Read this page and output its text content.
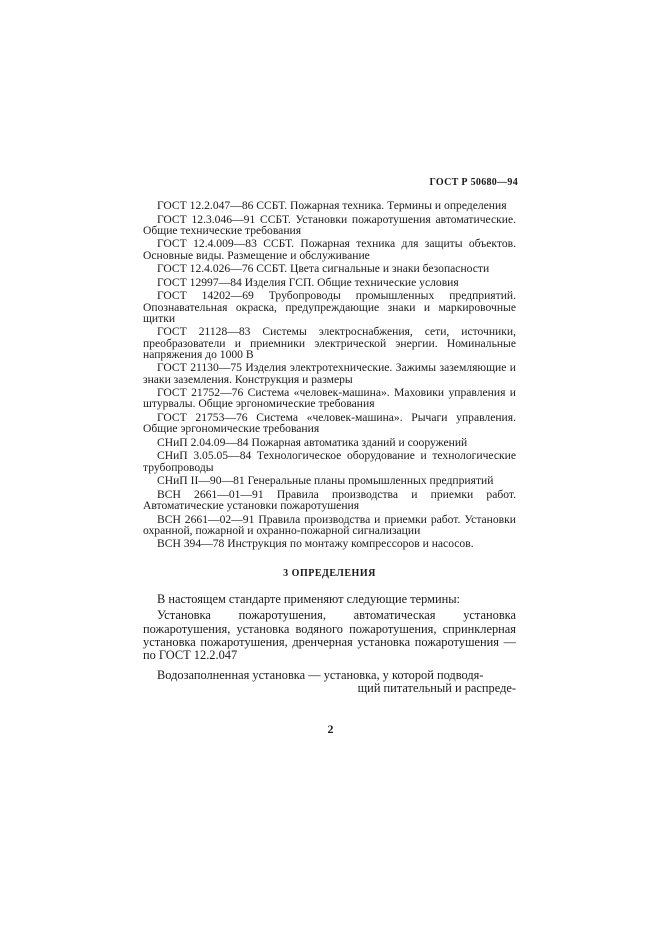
ГОСТ Р 50680—94

ГОСТ 12.2.047—86 ССБТ. Пожарная техника. Термины и определения

ГОСТ 12.3.046—91 ССБТ. Установки пожаротушения автоматические. Общие технические требования

ГОСТ 12.4.009—83 ССБТ. Пожарная техника для защиты объектов. Основные виды. Размещение и обслуживание

ГОСТ 12.4.026—76 ССБТ. Цвета сигнальные и знаки безопасности

ГОСТ 12997—84 Изделия ГСП. Общие технические условия

ГОСТ 14202—69 Трубопроводы промышленных предприятий. Опознавательная окраска, предупреждающие знаки и маркировочные щитки

ГОСТ 21128—83 Системы электроснабжения, сети, источники, преобразователи и приемники электрической энергии. Номинальные напряжения до 1000 В

ГОСТ 21130—75 Изделия электротехнические. Зажимы заземляющие и знаки заземления. Конструкция и размеры

ГОСТ 21752—76 Система «человек-машина». Маховики управления и штурвалы. Общие эргономические требования

ГОСТ 21753—76 Система «человек-машина». Рычаги управления. Общие эргономические требования

СНиП 2.04.09—84 Пожарная автоматика зданий и сооружений

СНиП 3.05.05—84 Технологическое оборудование и технологические трубопроводы

СНиП II—90—81 Генеральные планы промышленных предприятий

ВСН 2661—01—91 Правила производства и приемки работ. Автоматические установки пожаротушения

ВСН 2661—02—91 Правила производства и приемки работ. Установки охранной, пожарной и охранно-пожарной сигнализации

ВСН 394—78 Инструкция по монтажу компрессоров и насосов.

3 ОПРЕДЕЛЕНИЯ

В настоящем стандарте применяют следующие термины:

Установка пожаротушения, автоматическая установка пожаротушения, установка водяного пожаротушения, спринклерная установка пожаротушения, дренчерная установка пожаротушения — по ГОСТ 12.2.047

Водозаполненная установка — установка, у которой подводя-

щий питательный и распреде-

2
